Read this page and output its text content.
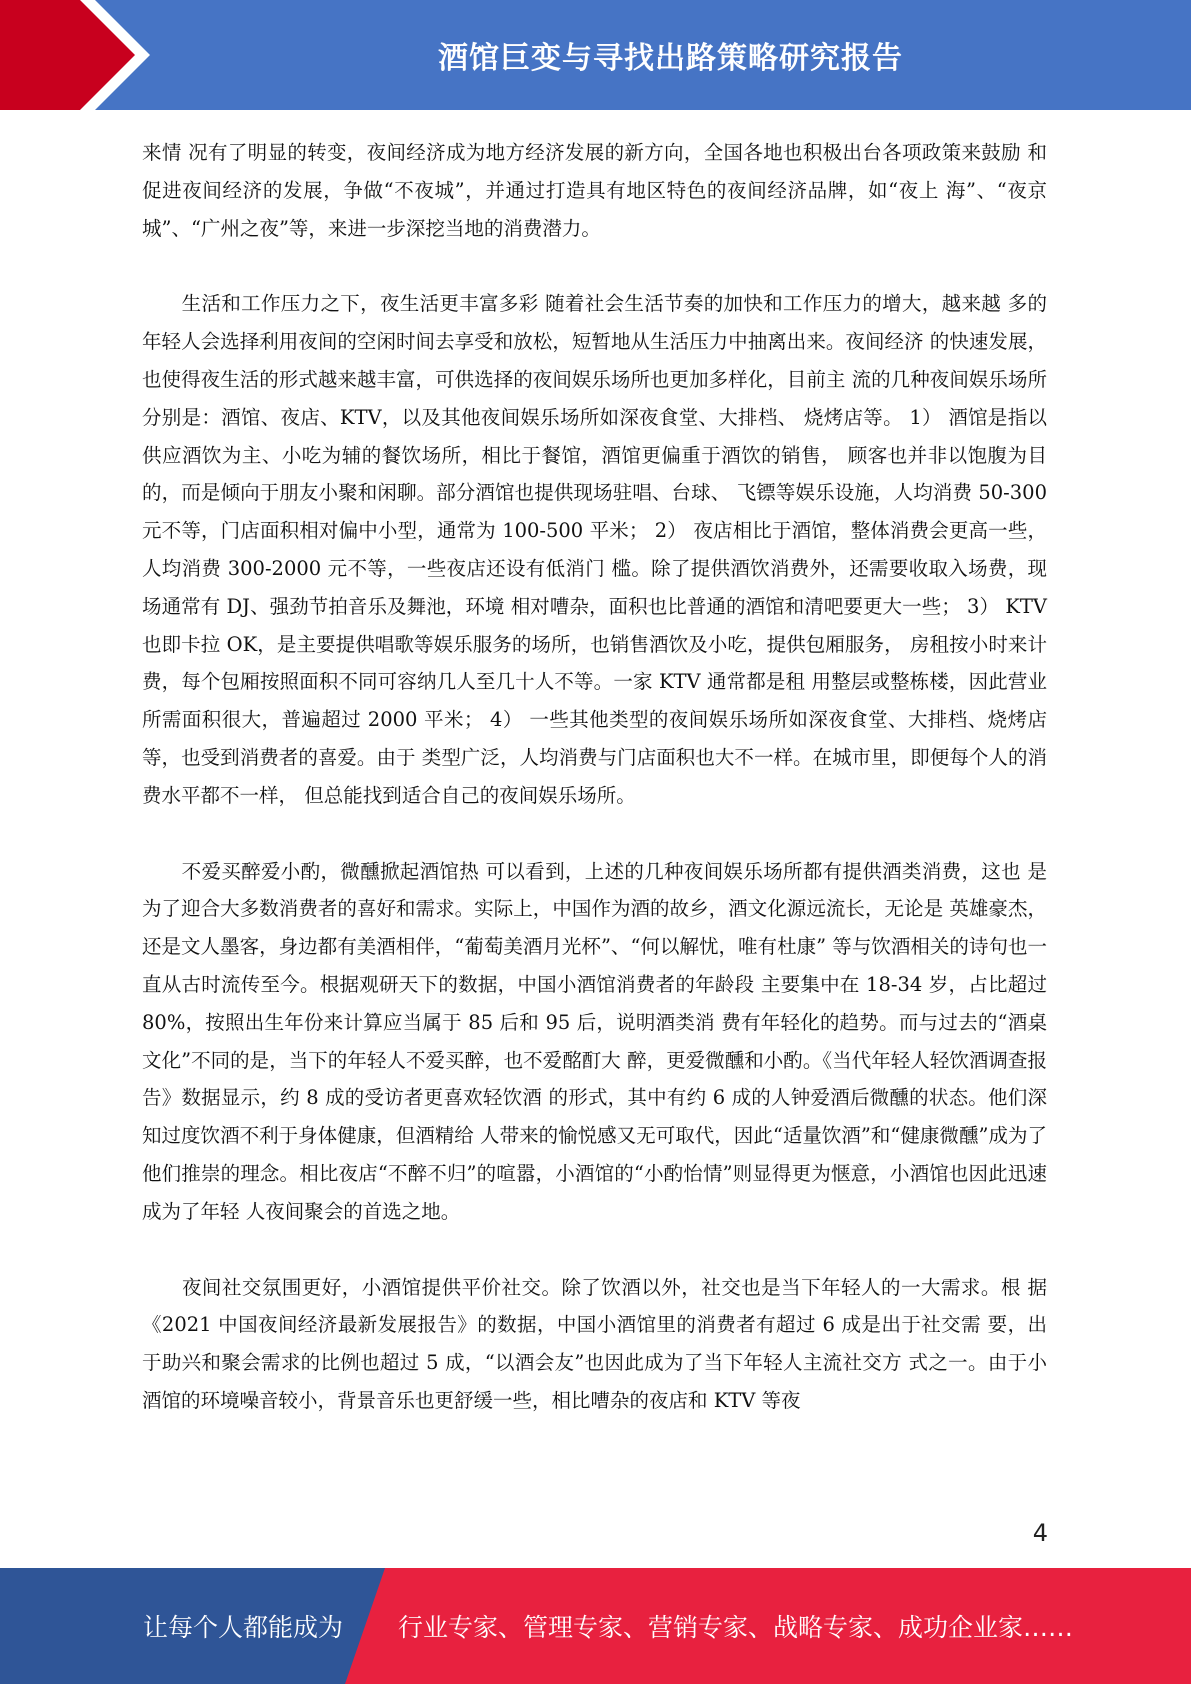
酒馆巨变与寻找出路策略研究报告

来情 况有了明显的转变，夜间经济成为地方经济发展的新方向，全国各地也积极出台各项政策来鼓励 和促进夜间经济的发展，争做“不夜城”，并通过打造具有地区特色的夜间经济品牌，如“夜上 海”、“夜京城”、“广州之夜”等，来进一步深挖当地的消费潜力。

　　生活和工作压力之下，夜生活更丰富多彩 随着社会生活节奏的加快和工作压力的增大，越来越 多的年轻人会选择利用夜间的空闲时间去享受和放松，短暂地从生活压力中抽离出来。夜间经济 的快速发展，也使得夜生活的形式越来越丰富，可供选择的夜间娱乐场所也更加多样化，目前主 流的几种夜间娱乐场所分别是：酒馆、夜店、KTV，以及其他夜间娱乐场所如深夜食堂、大排档、 烧烤店等。 1） 酒馆是指以供应酒饮为主、小吃为辅的餐饮场所，相比于餐馆，酒馆更偏重于酒饮的销售， 顾客也并非以饱腹为目的，而是倾向于朋友小聚和闲聊。部分酒馆也提供现场驻唱、台球、 飞镖等娱乐设施，人均消费 50-300 元不等，门店面积相对偏中小型，通常为 100-500 平米； 2） 夜店相比于酒馆，整体消费会更高一些，人均消费 300-2000 元不等，一些夜店还设有低消门 槛。除了提供酒饮消费外，还需要收取入场费，现场通常有 DJ、强劲节拍音乐及舞池，环境 相对嘈杂，面积也比普通的酒馆和清吧要更大一些； 3） KTV 也即卡拉 OK，是主要提供唱歌等娱乐服务的场所，也销售酒饮及小吃，提供包厢服务， 房租按小时来计费，每个包厢按照面积不同可容纳几人至几十人不等。一家 KTV 通常都是租 用整层或整栋楼，因此营业所需面积很大，普遍超过 2000 平米； 4） 一些其他类型的夜间娱乐场所如深夜食堂、大排档、烧烤店等，也受到消费者的喜爱。由于 类型广泛，人均消费与门店面积也大不一样。在城市里，即便每个人的消费水平都不一样， 但总能找到适合自己的夜间娱乐场所。

　　不爱买醉爱小酌，微醺掀起酒馆热 可以看到，上述的几种夜间娱乐场所都有提供酒类消费，这也 是为了迎合大多数消费者的喜好和需求。实际上，中国作为酒的故乡，酒文化源远流长，无论是 英雄豪杰，还是文人墨客，身边都有美酒相伴，“葡萄美酒月光杯”、“何以解忧，唯有杜康” 等与饮酒相关的诗句也一直从古时流传至今。根据观研天下的数据，中国小酒馆消费者的年龄段 主要集中在 18-34 岁，占比超过 80%，按照出生年份来计算应当属于 85 后和 95 后，说明酒类消 费有年轻化的趋势。而与过去的“酒桌文化”不同的是，当下的年轻人不爱买醉，也不爱酩酊大 醉，更爱微醺和小酌。《当代年轻人轻饮酒调查报告》数据显示，约 8 成的受访者更喜欢轻饮酒 的形式，其中有约 6 成的人钟爱酒后微醺的状态。他们深知过度饮酒不利于身体健康，但酒精给 人带来的愉悦感又无可取代，因此“适量饮酒”和“健康微醺”成为了他们推崇的理念。相比夜店“不醉不归”的喧嚣，小酒馆的“小酌怡情”则显得更为惬意，小酒馆也因此迅速成为了年轻 人夜间聚会的首选之地。

　　夜间社交氛围更好，小酒馆提供平价社交。除了饮酒以外，社交也是当下年轻人的一大需求。根 据《2021 中国夜间经济最新发展报告》的数据，中国小酒馆里的消费者有超过 6 成是出于社交需 要，出于助兴和聚会需求的比例也超过 5 成，“以酒会友”也因此成为了当下年轻人主流社交方 式之一。由于小酒馆的环境噪音较小，背景音乐也更舒缓一些，相比嘈杂的夜店和 KTV 等夜

4
让每个人都能成为 行业专家、管理专家、营销专家、战略专家、成功企业家……
